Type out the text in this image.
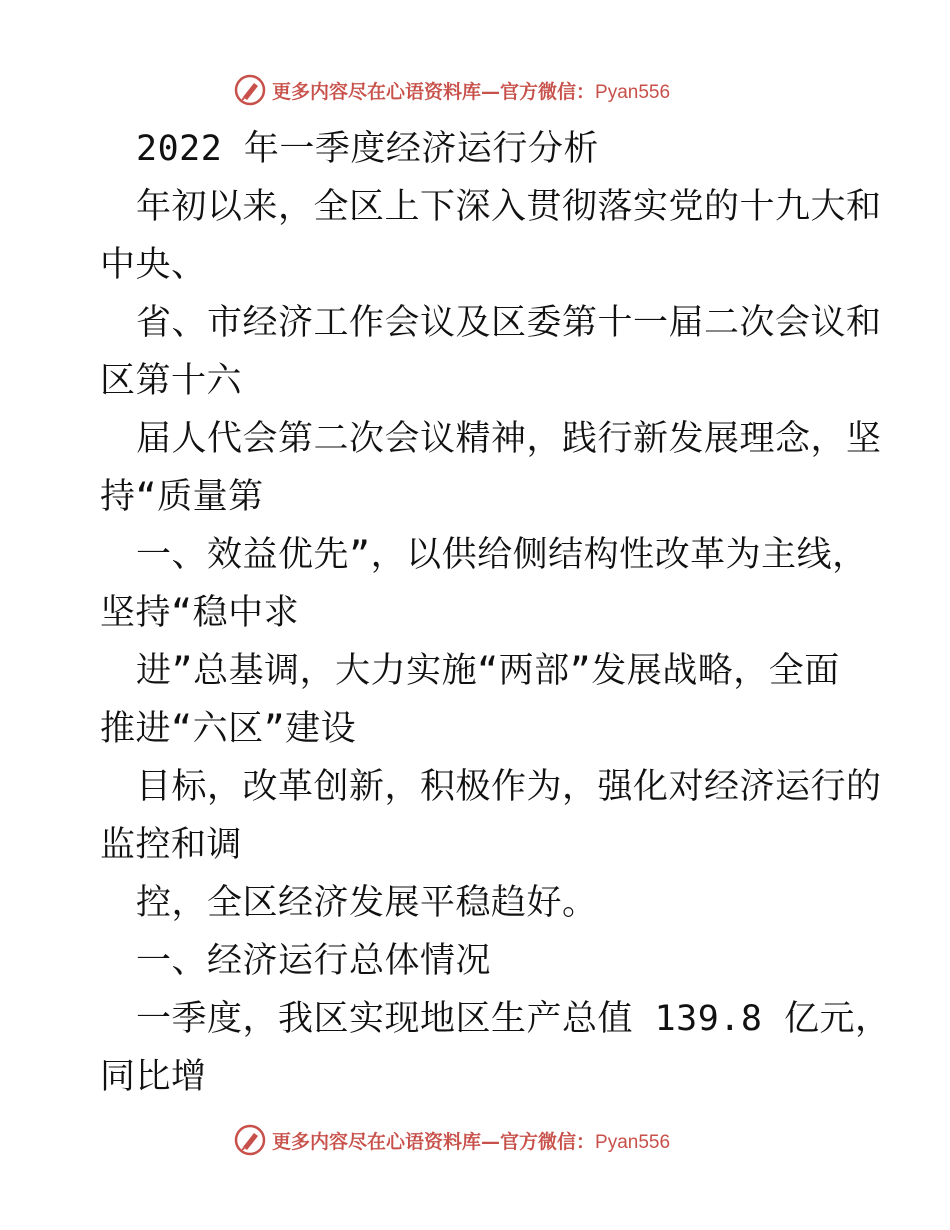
更多内容尽在心语资料库—官方微信：Pyan556
2022 年一季度经济运行分析
年初以来，全区上下深入贯彻落实党的十九大和
中央、
省、市经济工作会议及区委第十一届二次会议和
区第十六
届人代会第二次会议精神，践行新发展理念，坚
持“质量第
一、效益优先”，以供给侧结构性改革为主线，
坚持“稳中求
进”总基调，大力实施“两部”发展战略，全面
推进“六区”建设
目标，改革创新，积极作为，强化对经济运行的
监控和调
控，全区经济发展平稳趋好。
一、经济运行总体情况
一季度，我区实现地区生产总值 139.8 亿元，
同比增
更多内容尽在心语资料库—官方微信：Pyan556
